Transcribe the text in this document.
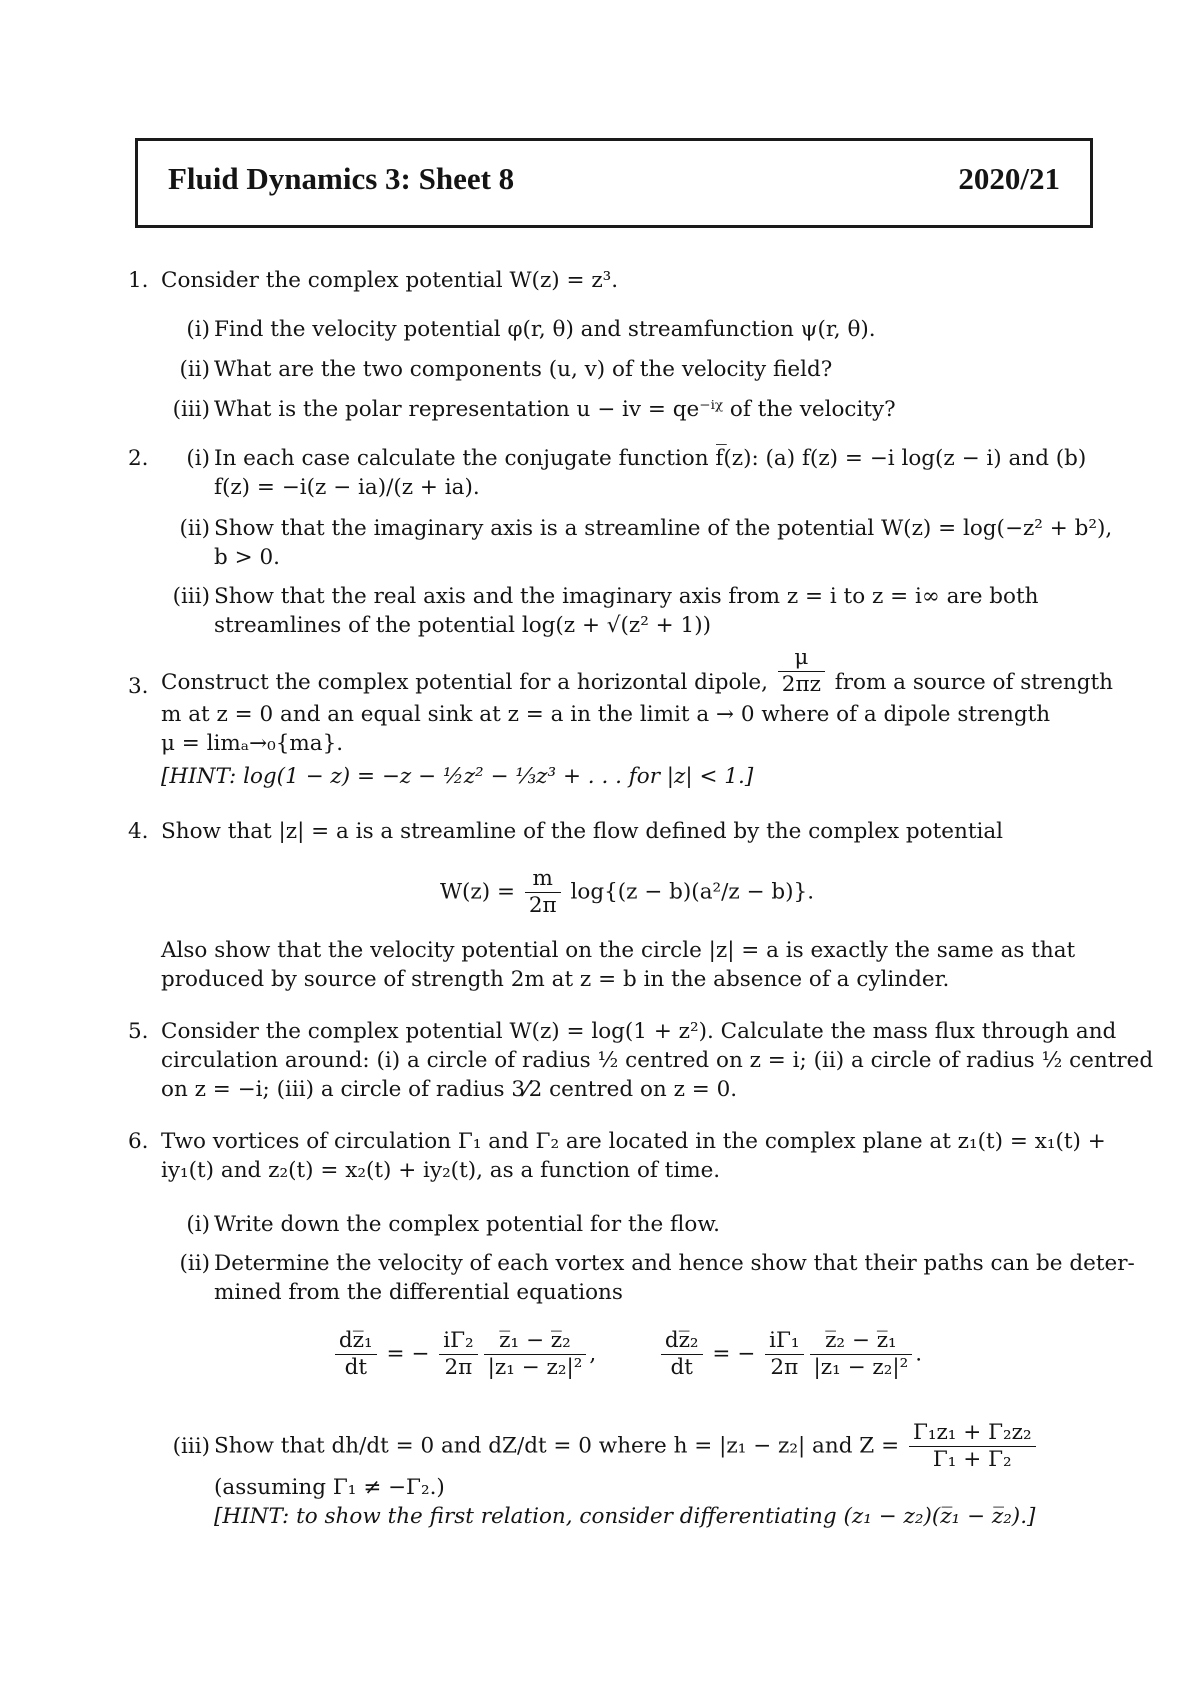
Fluid Dynamics 3: Sheet 8	2020/21
1. Consider the complex potential W(z) = z³.
(i) Find the velocity potential φ(r, θ) and streamfunction ψ(r, θ).
(ii) What are the two components (u, v) of the velocity field?
(iii) What is the polar representation u − iv = qe⁻ⁱᵡ of the velocity?
2.	(i) In each case calculate the conjugate function f̅(z): (a) f(z) = −i log(z − i) and (b)
f(z) = −i(z − ia)/(z + ia).
(ii) Show that the imaginary axis is a streamline of the potential W(z) = log(−z² + b²),
b > 0.
(iii) Show that the real axis and the imaginary axis from z = i to z = i∞ are both
streamlines of the potential log(z + √(z² + 1))
3. Construct the complex potential for a horizontal dipole, $\frac{\mu}{2\pi z}$ from a source of strength
m at z = 0 and an equal sink at z = a in the limit a → 0 where of a dipole strength
μ = limₐ→₀{ma}.
[HINT: log(1 − z) = −z − ½z² − ⅓z³ + . . . for |z| < 1.]
4. Show that |z| = a is a streamline of the flow defined by the complex potential
$W(z) = \frac{m}{2\pi} \log\{(z - b)(a^2/z - b)\}$.
Also show that the velocity potential on the circle |z| = a is exactly the same as that
produced by source of strength 2m at z = b in the absence of a cylinder.
5. Consider the complex potential W(z) = log(1 + z²). Calculate the mass flux through and
circulation around: (i) a circle of radius ½ centred on z = i; (ii) a circle of radius ½ centred
on z = −i; (iii) a circle of radius 3⁄2 centred on z = 0.
6. Two vortices of circulation Γ₁ and Γ₂ are located in the complex plane at z₁(t) = x₁(t) +
iy₁(t) and z₂(t) = x₂(t) + iy₂(t), as a function of time.
(i) Write down the complex potential for the flow.
(ii) Determine the velocity of each vortex and hence show that their paths can be deter-
mined from the differential equations
$\frac{\text{dz̅₁}}{dt}$ = − $\frac{\text{iΓ₂}}{2\pi} \frac{\text{z̅₁ − z̅₂}}{\text{|z₁ − z₂|²}}$ ,	$\frac{\text{dz̅₂}}{dt}$ = − $\frac{\text{iΓ₁}}{2\pi} \frac{\text{z̅₂ − z̅₁}}{\text{|z₁ − z₂|²}}$ .
(iii) Show that dh/dt = 0 and dZ/dt = 0 where h = |z₁ − z₂| and $Z = \frac{\text{Γ₁z₁ + Γ₂z₂}}{\text{Γ₁ + Γ₂}}$
(assuming Γ₁ ≠ −Γ₂.)
[HINT: to show the first relation, consider differentiating (z₁ − z₂)(z̅₁ − z̅₂).]
